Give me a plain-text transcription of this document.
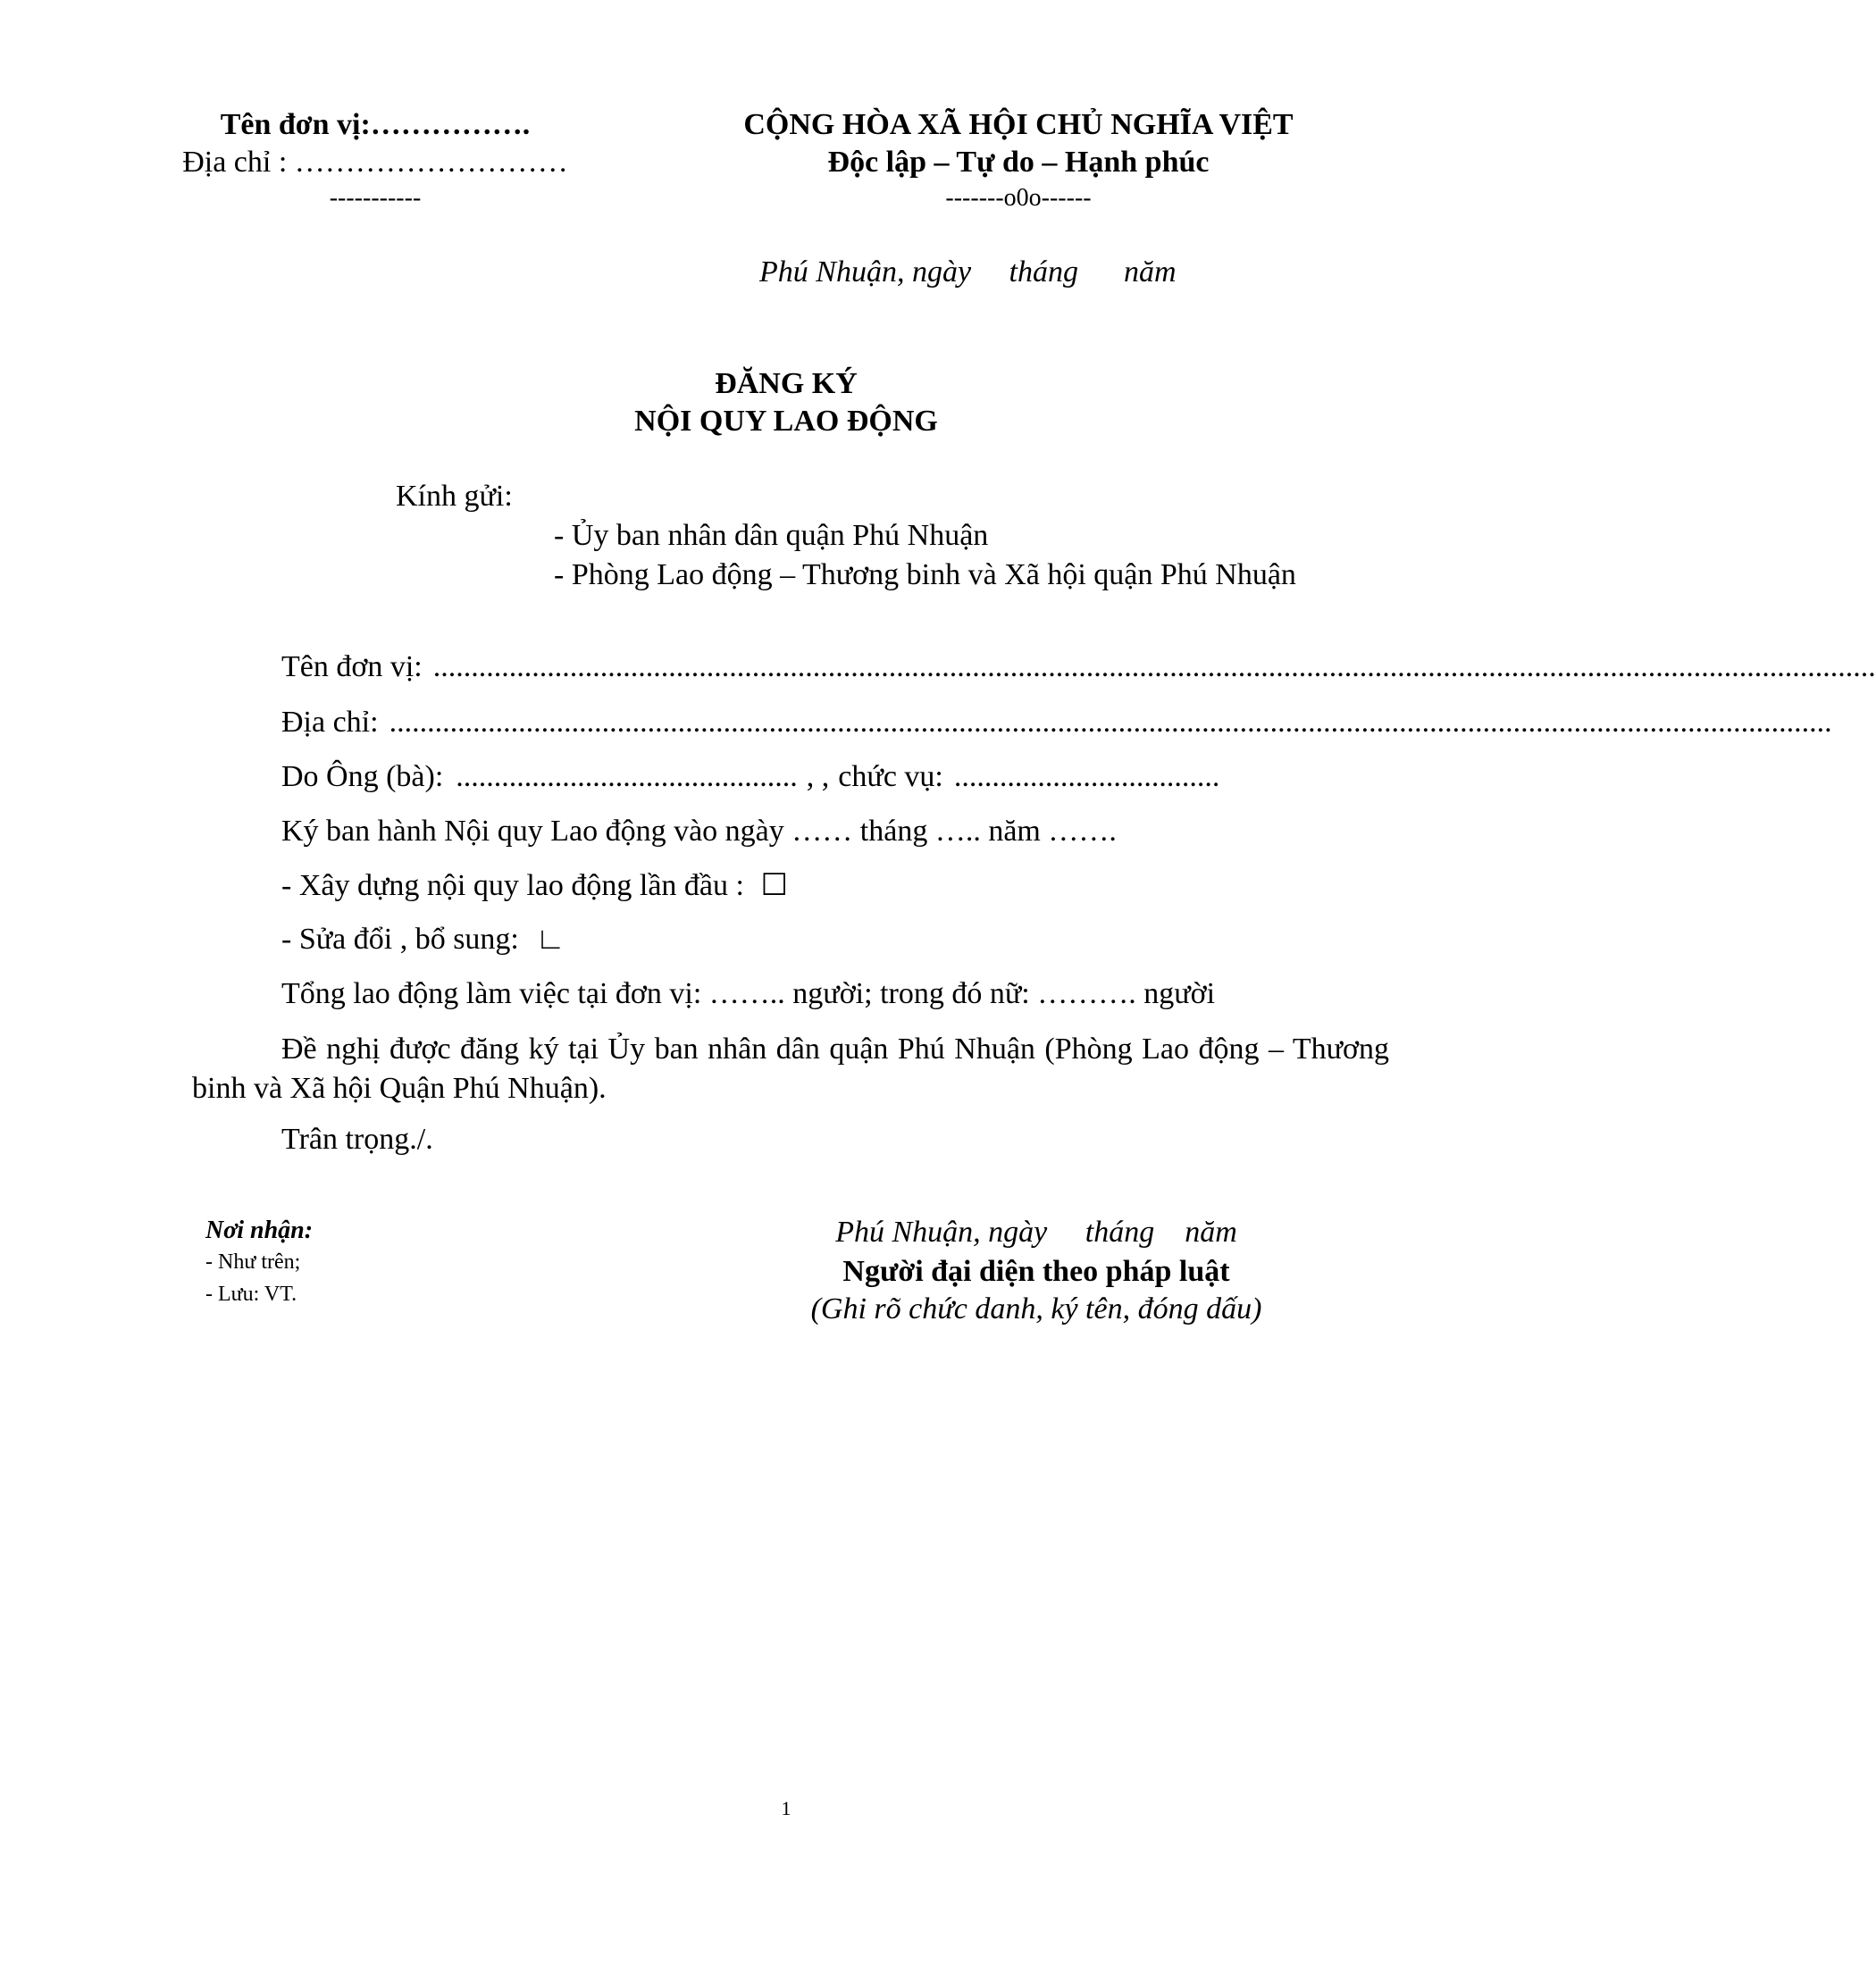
Tên đơn vị:…………….
Địa chỉ : ………………………
-----------
CỘNG HÒA XÃ HỘI CHỦ NGHĨA VIỆT
Độc lập – Tự do – Hạnh phúc
-------o0o------
Phú Nhuận, ngày     tháng      năm
ĐĂNG KÝ
NỘI QUY LAO ĐỘNG
Kính gửi:
- Ủy ban nhân dân quận Phú Nhuận
- Phòng Lao động – Thương binh và Xã hội quận Phú Nhuận
Tên đơn vị: ..............................................................................................................................................................................................
Địa chỉ: ..............................................................................................................................................................................................
Do Ông (bà): ............................................. , , chức vụ: ...................................
Ký ban hành Nội quy Lao động vào ngày …… tháng ….. năm …….
- Xây dựng nội quy lao động lần đầu : ☐
- Sửa đổi , bổ sung: ∟
Tổng lao động làm việc tại đơn vị: …….. người; trong đó nữ: ………. người
Đề nghị được đăng ký tại Ủy ban nhân dân quận Phú Nhuận (Phòng Lao động – Thương binh và Xã hội Quận Phú Nhuận).
Trân trọng./.
Nơi nhận:
- Như trên;
- Lưu: VT.
Phú Nhuận, ngày     tháng    năm
Người đại diện theo pháp luật
(Ghi rõ chức danh, ký tên, đóng dấu)
1
